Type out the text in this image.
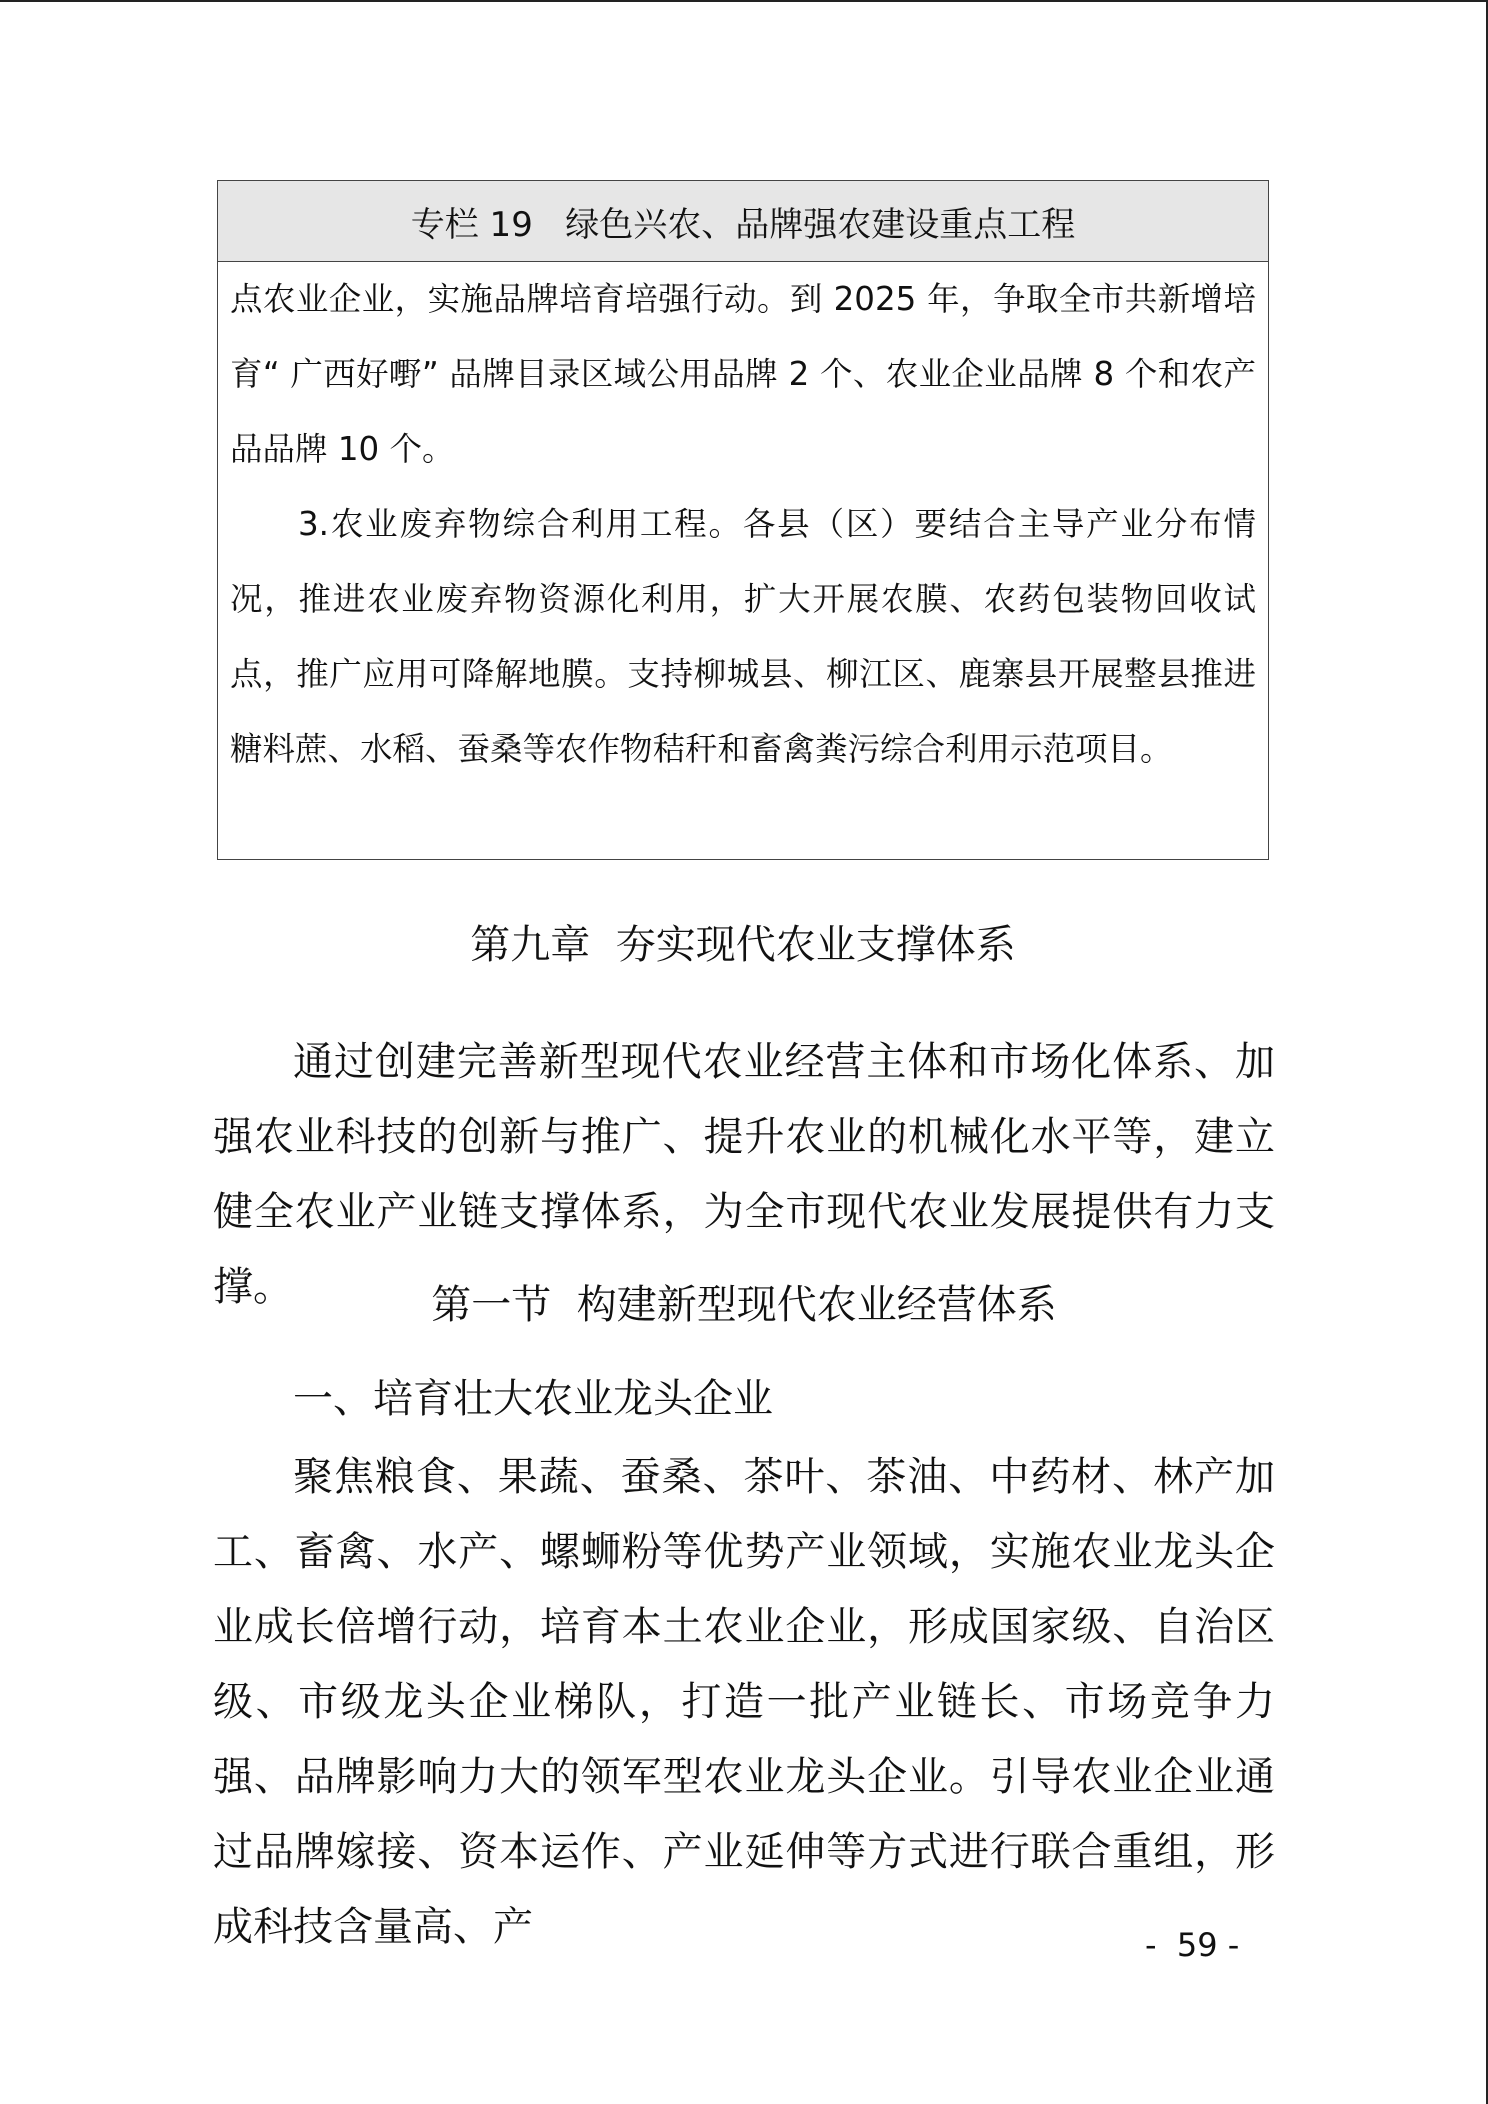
专栏 19   绿色兴农、品牌强农建设重点工程

点农业企业，实施品牌培育培强行动。到 2025 年，争取全市共新增培育“ 广西好嘢” 品牌目录区域公用品牌 2 个、农业企业品牌 8 个和农产品品牌 10 个。

3.农业废弃物综合利用工程。各县（区）要结合主导产业分布情况，推进农业废弃物资源化利用，扩大开展农膜、农药包装物回收试点，推广应用可降解地膜。支持柳城县、柳江区、鹿寨县开展整县推进糖料蔗、水稻、蚕桑等农作物秸秆和畜禽粪污综合利用示范项目。

第九章  夯实现代农业支撑体系

通过创建完善新型现代农业经营主体和市场化体系、加强农业科技的创新与推广、提升农业的机械化水平等，建立健全农业产业链支撑体系，为全市现代农业发展提供有力支撑。	第一节  构建新型现代农业经营体系
一、培育壮大农业龙头企业

聚焦粮食、果蔬、蚕桑、茶叶、茶油、中药材、林产加工、畜禽、水产、螺蛳粉等优势产业领域，实施农业龙头企业成长倍增行动，培育本土农业企业，形成国家级、自治区级、市级龙头企业梯队，打造一批产业链长、市场竞争力强、品牌影响力大的领军型农业龙头企业。引导农业企业通过品牌嫁接、资本运作、产业延伸等方式进行联合重组，形成科技含量高、产	-  59 -
